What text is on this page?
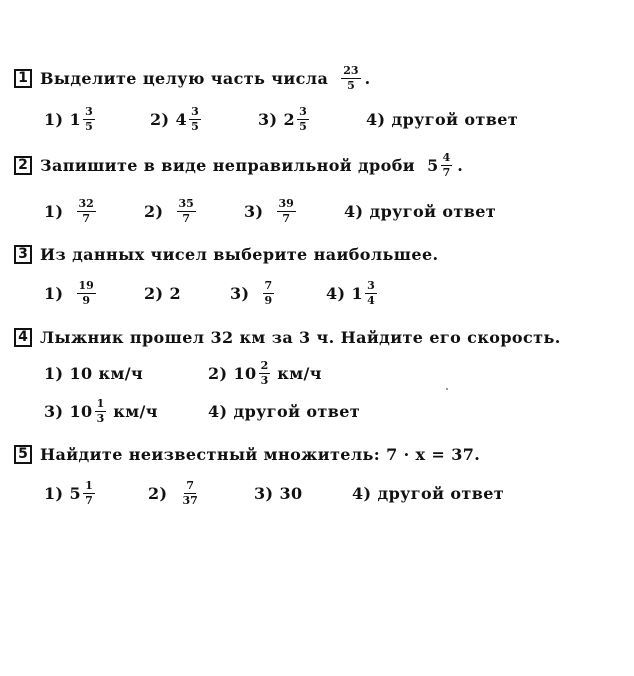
1 Выделите целую часть числа $\frac{23}{5}$ .
1) $1 \frac{3}{5}$	2) $4 \frac{3}{5}$	3) $2 \frac{3}{5}$	4) другой ответ
2 Запишите в виде неправильной дроби $5 \frac{4}{7}$ .
$1) \frac{32}{7}$	$2) \frac{35}{7}$	$3) \frac{39}{7}$	4) другой ответ
3 Из данных чисел выберите наибольшее.
$1) \frac{19}{9}$	2) 2	$3) \frac{7}{9}$	4) $1 \frac{3}{4}$
4 Лыжник прошел 32 км за 3 ч. Найдите его скорость.
1) 10 км/ч	2) $10 \frac{2}{3} км/ч$
3) $10 \frac{1}{3} км/ч$	4) другой ответ
5 Найдите неизвестный множитель: 7 · x = 37.
1) $5 \frac{1}{7}$	$2) \frac{7}{37}$	3) 30	4) другой ответ
